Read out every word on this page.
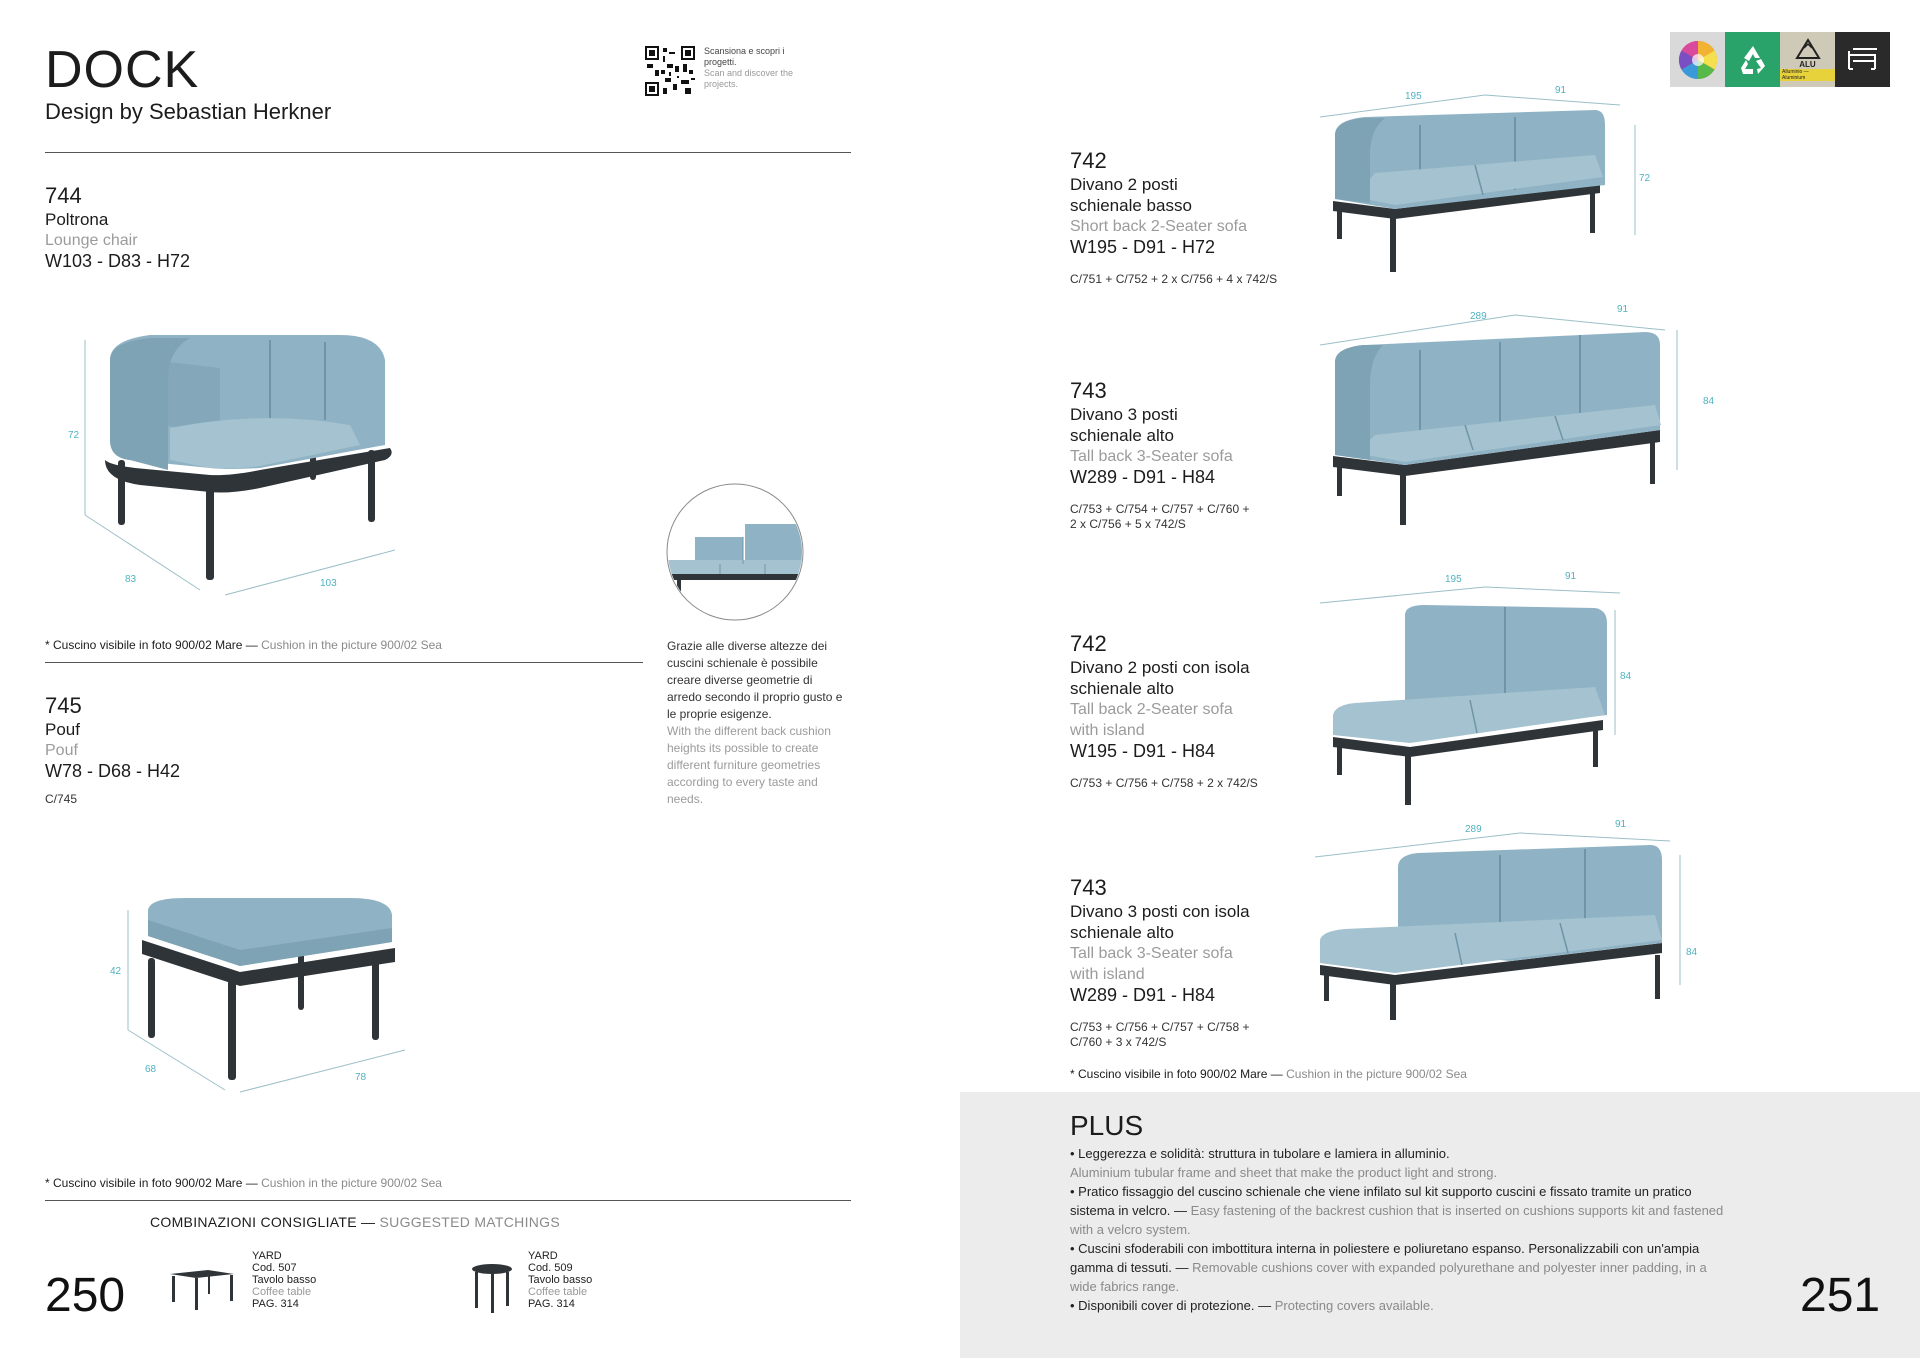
DOCK
Design by Sebastian Herkner
Scansiona e scopri i progetti.
Scan and discover the projects.
744
Poltrona
Lounge chair
W103 - D83 - H72
72
83	103
* Cuscino visibile in foto 900/02 Mare — Cushion in the picture 900/02 Sea	Grazie alle diverse altezze dei cuscini schienale è possibile creare diverse geometrie di arredo secondo il proprio gusto e le proprie esigenze.
With the different back cushion heights its possible to create different furniture geometries according to every taste and needs.
745
Pouf
Pouf
W78 - D68 - H42
C/745
42
68
78
* Cuscino visibile in foto 900/02 Mare — Cushion in the picture 900/02 Sea
COMBINAZIONI CONSIGLIATE — SUGGESTED MATCHINGS
250
YARD
Cod. 507
Tavolo basso
Coffee table
PAG. 314
YARD
Cod. 509
Tavolo basso
Coffee table
PAG. 314
ALU
Alluminio — Aluminium
742
Divano 2 posti
schienale basso
Short back 2-Seater sofa
W195 - D91 - H72
C/751 + C/752 + 2 x C/756 + 4 x 742/S
195
91
72
743
Divano 3 posti
schienale alto
Tall back 3-Seater sofa
W289 - D91 - H84
C/753 + C/754 + C/757 + C/760 +
2 x C/756 + 5 x 742/S
289
91
84
742
Divano 2 posti con isola
schienale alto
Tall back 2-Seater sofa
with island
W195 - D91 - H84
C/753 + C/756 + C/758 + 2 x 742/S
195	91
84
743
Divano 3 posti con isola
schienale alto
Tall back 3-Seater sofa
with island
W289 - D91 - H84
C/753 + C/756 + C/757 + C/758 +
C/760 + 3 x 742/S
289	91
84
* Cuscino visibile in foto 900/02 Mare — Cushion in the picture 900/02 Sea
PLUS
• Leggerezza e solidità: struttura in tubolare e lamiera in alluminio.
Aluminium tubular frame and sheet that make the product light and strong.
• Pratico fissaggio del cuscino schienale che viene infilato sul kit supporto cuscini e fissato tramite un pratico sistema in velcro. — Easy fastening of the backrest cushion that is inserted on cushions supports kit and fastened with a velcro system.
• Cuscini sfoderabili con imbottitura interna in poliestere e poliuretano espanso. Personalizzabili con un'ampia gamma di tessuti. — Removable cushions cover with expanded polyurethane and polyester inner padding, in a wide fabrics range.
• Disponibili cover di protezione. — Protecting covers available.	251
